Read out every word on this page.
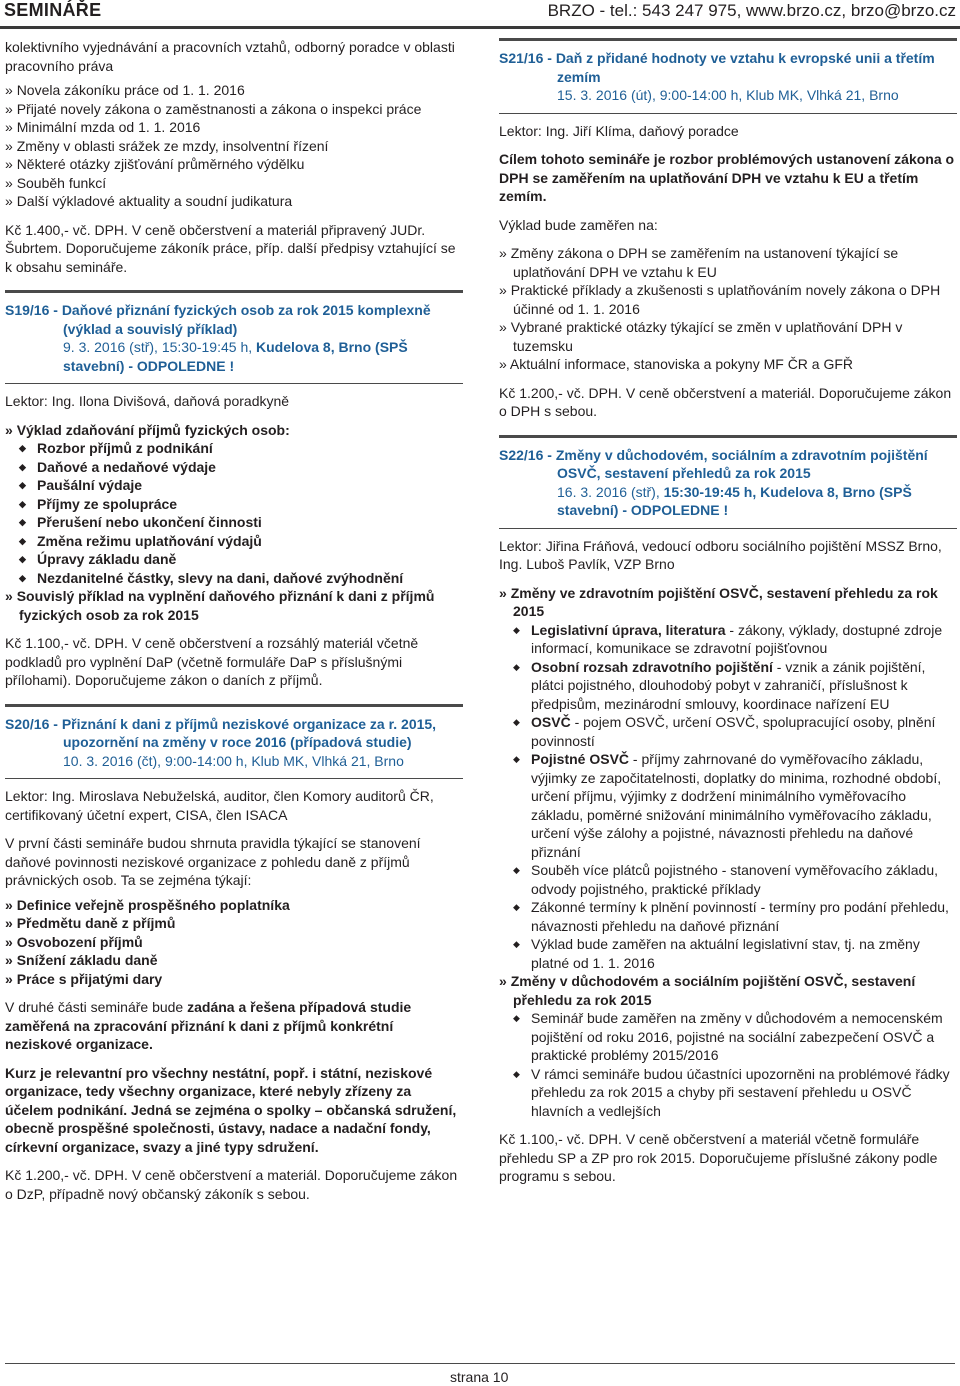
SEMINÁŘE	BRZO - tel.: 543 247 975, www.brzo.cz, brzo@brzo.cz
kolektivního vyjednávání a pracovních vztahů, odborný poradce v oblasti pracovního práva
» Novela zákoníku práce od 1. 1. 2016
» Přijaté novely zákona o zaměstnanosti a zákona o inspekci práce
» Minimální mzda od 1. 1. 2016
» Změny v oblasti srážek ze mzdy, insolventní řízení
» Některé otázky zjišťování průměrného výdělku
» Souběh funkcí
» Další výkladové aktuality a soudní judikatura
Kč 1.400,- vč. DPH. V ceně občerstvení a materiál připravený JUDr. Šubrtem. Doporučujeme zákoník práce, příp. další předpisy vztahující se k obsahu semináře.
S19/16 - Daňové přiznání fyzických osob za rok 2015 komplexně (výklad a souvislý příklad)
9. 3. 2016 (stř), 15:30-19:45 h, Kudelova 8, Brno (SPŠ stavební) - ODPOLEDNE !
Lektor: Ing. Ilona Divišová, daňová poradkyně
» Výklad zdaňování příjmů fyzických osob:
◆ Rozbor příjmů z podnikání
◆ Daňové a nedaňové výdaje
◆ Paušální výdaje
◆ Příjmy ze spolupráce
◆ Přerušení nebo ukončení činnosti
◆ Změna režimu uplatňování výdajů
◆ Úpravy základu daně
◆ Nezdanitelné částky, slevy na dani, daňové zvýhodnění
» Souvislý příklad na vyplnění daňového přiznání k dani z příjmů fyzických osob za rok 2015
Kč 1.100,- vč. DPH. V ceně občerstvení a rozsáhlý materiál včetně podkladů pro vyplnění DaP (včetně formuláře DaP s příslušnými přílohami). Doporučujeme zákon o daních z příjmů.
S20/16 - Přiznání k dani z příjmů neziskové organizace za r. 2015, upozornění na změny v roce 2016 (případová studie)
10. 3. 2016 (čt), 9:00-14:00 h, Klub MK, Vlhká 21, Brno
Lektor: Ing. Miroslava Nebuželská, auditor, člen Komory auditorů ČR, certifikovaný účetní expert, CISA, člen ISACA
V první části semináře budou shrnuta pravidla týkající se stanovení daňové povinnosti neziskové organizace z pohledu daně z příjmů právnických osob. Ta se zejména týkají:
» Definice veřejně prospěšného poplatníka
» Předmětu daně z příjmů
» Osvobození příjmů
» Snížení základu daně
» Práce s přijatými dary
V druhé části semináře bude zadána a řešena případová studie zaměřená na zpracování přiznání k dani z příjmů konkrétní neziskové organizace.
Kurz je relevantní pro všechny nestátní, popř. i státní, neziskové organizace, tedy všechny organizace, které nebyly zřízeny za účelem podnikání. Jedná se zejména o spolky – občanská sdružení, obecně prospěšné společnosti, ústavy, nadace a nadační fondy, církevní organizace, svazy a jiné typy sdružení.
Kč 1.200,- vč. DPH. V ceně občerstvení a materiál. Doporučujeme zákon o DzP, případně nový občanský zákoník s sebou.
S21/16 - Daň z přidané hodnoty ve vztahu k evropské unii a třetím zemím
15. 3. 2016 (út), 9:00-14:00 h, Klub MK, Vlhká 21, Brno
Lektor: Ing. Jiří Klíma, daňový poradce
Cílem tohoto semináře je rozbor problémových ustanovení zákona o DPH se zaměřením na uplatňování DPH ve vztahu k EU a třetím zemím.
Výklad bude zaměřen na:
» Změny zákona o DPH se zaměřením na ustanovení týkající se uplatňování DPH ve vztahu k EU
» Praktické příklady a zkušenosti s uplatňováním novely zákona o DPH účinné od 1. 1. 2016
» Vybrané praktické otázky týkající se změn v uplatňování DPH v tuzemsku
» Aktuální informace, stanoviska a pokyny MF ČR a GFŘ
Kč 1.200,- vč. DPH. V ceně občerstvení a materiál. Doporučujeme zákon o DPH s sebou.
S22/16 - Změny v důchodovém, sociálním a zdravotním pojištění OSVČ, sestavení přehledů za rok 2015
16. 3. 2016 (stř), 15:30-19:45 h, Kudelova 8, Brno (SPŠ stavební) - ODPOLEDNE !
Lektor: Jiřina Fráňová, vedoucí odboru sociálního pojištění MSSZ Brno, Ing. Luboš Pavlík, VZP Brno
» Změny ve zdravotním pojištění OSVČ, sestavení přehledu za rok 2015
◆ Legislativní úprava, literatura - zákony, výklady, dostupné zdroje informací, komunikace se zdravotní pojišťovnou
◆ Osobní rozsah zdravotního pojištění - vznik a zánik pojištění, plátci pojistného, dlouhodobý pobyt v zahraničí, příslušnost k předpisům, mezinárodní smlouvy, koordinace nařízení EU
◆ OSVČ - pojem OSVČ, určení OSVČ, spolupracující osoby, plnění povinností
◆ Pojistné OSVČ - příjmy zahrnované do vyměřovacího základu, výjimky ze započitatelnosti, doplatky do minima, rozhodné období, určení příjmu, výjimky z dodržení minimálního vyměřovacího základu, poměrné snižování minimálního vyměřovacího základu, určení výše zálohy a pojistné, návaznosti přehledu na daňové přiznání
◆ Souběh více plátců pojistného - stanovení vyměřovacího základu, odvody pojistného, praktické příklady
◆ Zákonné termíny k plnění povinností - termíny pro podání přehledu, návaznosti přehledu na daňové přiznání
◆ Výklad bude zaměřen na aktuální legislativní stav, tj. na změny platné od 1. 1. 2016
» Změny v důchodovém a sociálním pojištění OSVČ, sestavení přehledu za rok 2015
◆ Seminář bude zaměřen na změny v důchodovém a nemocenském pojištění od roku 2016, pojistné na sociální zabezpečení OSVČ a praktické problémy 2015/2016
◆ V rámci semináře budou účastníci upozorněni na problémové řádky přehledu za rok 2015 a chyby při sestavení přehledu u OSVČ hlavních a vedlejších
Kč 1.100,- vč. DPH. V ceně občerstvení a materiál včetně formuláře přehledu SP a ZP pro rok 2015. Doporučujeme příslušné zákony podle programu s sebou.
strana 10
